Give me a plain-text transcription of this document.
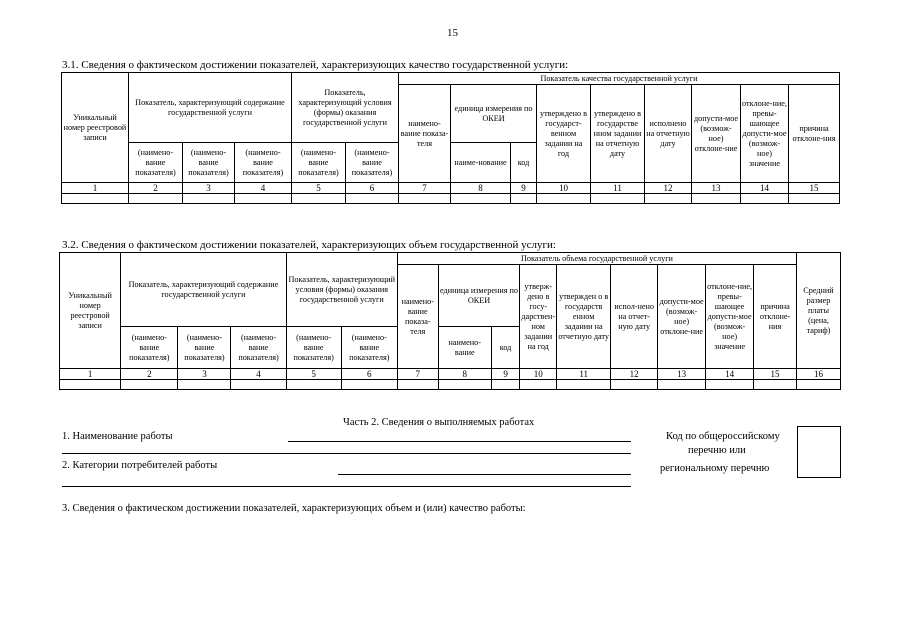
15
3.1. Сведения о фактическом достижении показателей, характеризующих качество государственной услуги:
Уникальный номер реестровой записи	Показатель, характеризующий содержание государственной услуги			Показатель, характеризующий условия (формы) оказания государственной услуги		Показатель качества государственной услуги								
						наимено-вание показа-теля	единица измерения по ОКЕИ		утверждено в государст-венном задании на год	утверждено в государстве нном задании на отчетную дату	исполнено на отчетную дату	допусти-мое (возмож-ное) отклоне-ние	отклоне-ние, превы-шающее допусти-мое (возмож-ное) значение	причина отклоне-ния
	(наимено-вание показателя)	(наимено-вание показателя)	(наимено-вание показателя)	(наимено-вание показателя)	(наимено-вание показателя)		наиме-нование	код						
1	2	3	4	5	6	7	8	9	10	11	12	13	14	15

3.2. Сведения о фактическом достижении показателей, характеризующих объем государственной услуги:
Уникальный номер реестровой записи	Показатель, характеризующий содержание государственной услуги			Показатель, характеризующий условия (формы) оказания государственной услуги		Показатель объема государственной услуги									Средний размер платы (цена, тариф)
						наимено-вание показа-теля	единица измерения по ОКЕИ		утверж-дено в госу-дарствен-ном задании на год	утвержден о в государств енном задании на отчетную дату	испол-нено на отчет-ную дату	допусти-мое (возмож-ное) отклоне-ние	отклоне-ние, превы-шающее допусти-мое (возмож-ное) значение	причина отклоне-ния	
	(наимено-вание показателя)	(наимено-вание показателя)	(наимено-вание показателя)	(наимено-вание показателя)	(наимено-вание показателя)		наимено-вание	код							
1	2	3	4	5	6	7	8	9	10	11	12	13	14	15	16

Часть 2. Сведения о выполняемых работах
1. Наименование работы
2. Категории потребителей работы
Код по общероссийскому
перечню или
региональному перечню
3. Сведения о фактическом достижении показателей, характеризующих объем и (или) качество работы:
